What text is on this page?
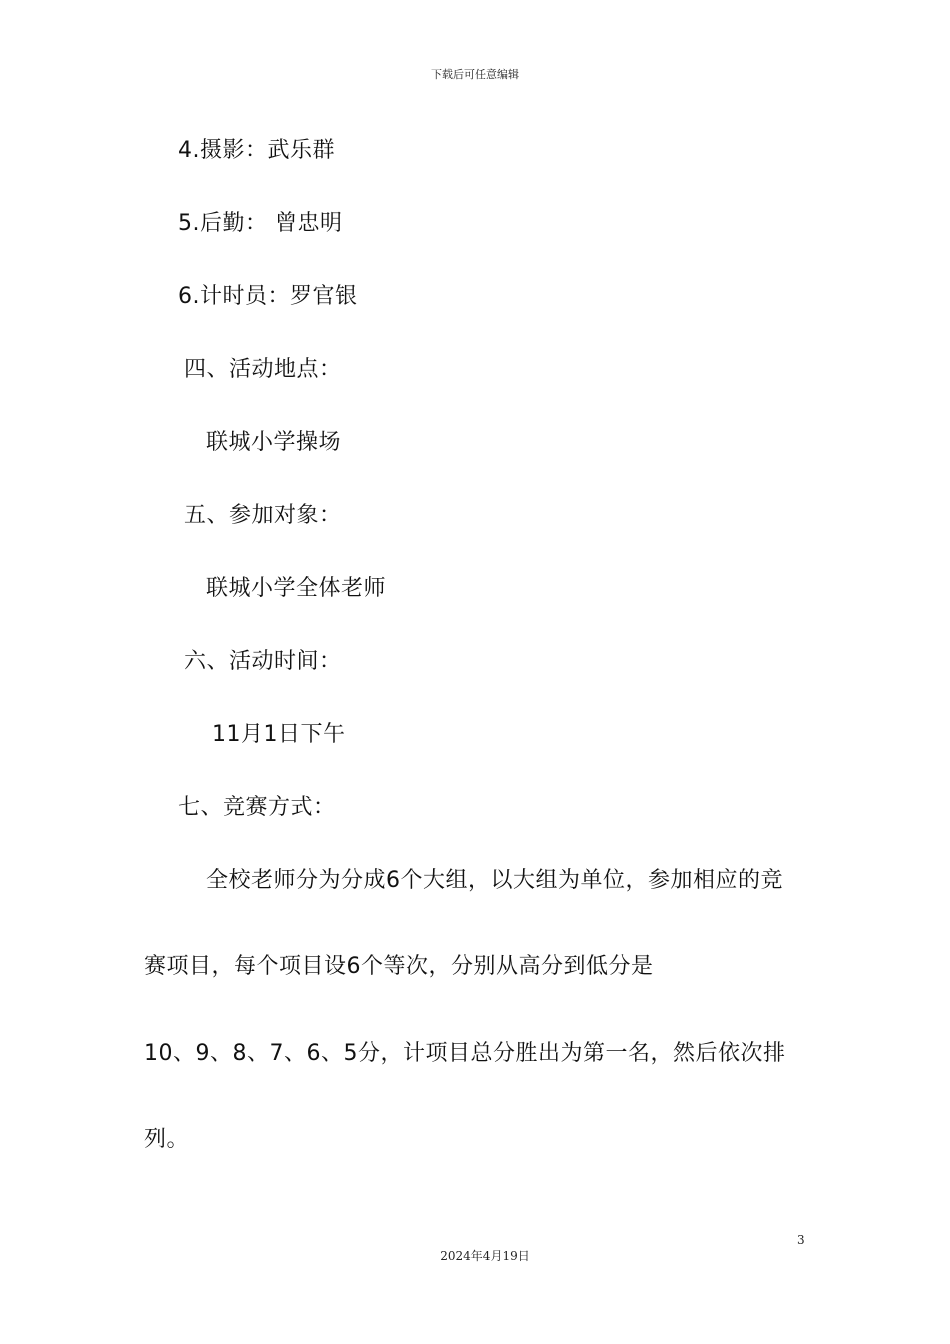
下载后可任意编辑
4.摄影：武乐群
5.后勤： 曾忠明
6.计时员：罗官银
四、活动地点：
联城小学操场
五、参加对象：
联城小学全体老师
六、活动时间：
11月1日下午
七、竞赛方式：
全校老师分为分成6个大组，以大组为单位，参加相应的竞
赛项目，每个项目设6个等次，分别从高分到低分是
10、9、8、7、6、5分，计项目总分胜出为第一名，然后依次排
列。
3
2024年4月19日
